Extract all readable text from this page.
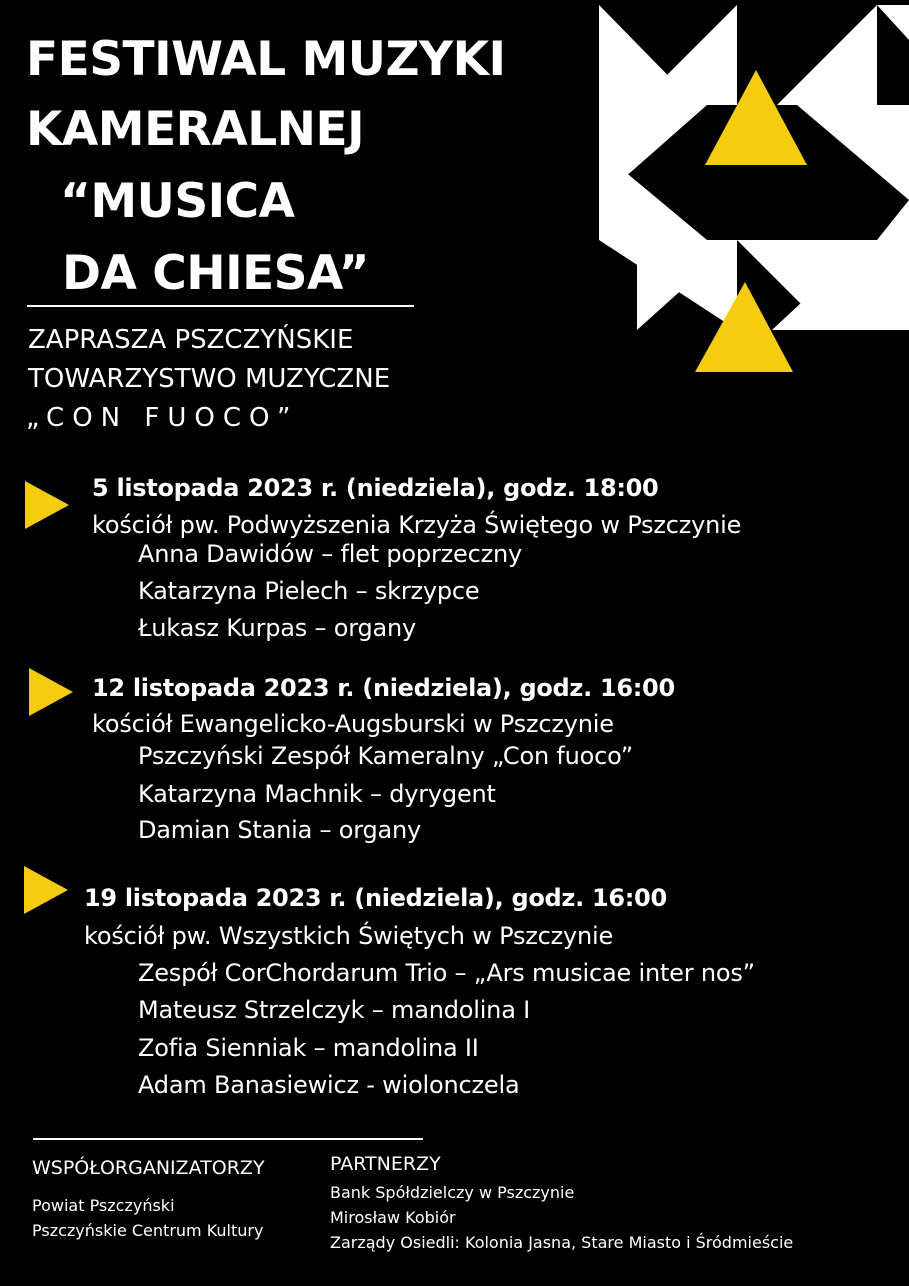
FESTIWAL MUZYKI
KAMERALNEJ
“MUSICA
DA CHIESA”
ZAPRASZA PSZCZYŃSKIE
TOWARZYSTWO MUZYCZNE
„CON FUOCO”
5 listopada 2023 r. (niedziela), godz. 18:00
kościół pw. Podwyższenia Krzyża Świętego w Pszczynie
Anna Dawidów – flet poprzeczny
Katarzyna Pielech – skrzypce
Łukasz Kurpas – organy
12 listopada 2023 r. (niedziela), godz. 16:00
kościół Ewangelicko-Augsburski w Pszczynie
Pszczyński Zespół Kameralny „Con fuoco”
Katarzyna Machnik – dyrygent
Damian Stania – organy
19 listopada 2023 r. (niedziela), godz. 16:00
kościół pw. Wszystkich Świętych w Pszczynie
Zespół CorChordarum Trio – „Ars musicae inter nos”
Mateusz Strzelczyk – mandolina I
Zofia Sienniak – mandolina II
Adam Banasiewicz - wiolonczela
WSPÓŁORGANIZATORZY
Powiat Pszczyński
Pszczyńskie Centrum Kultury
PARTNERZY
Bank Spółdzielczy w Pszczynie
Mirosław Kobiór
Zarządy Osiedli: Kolonia Jasna, Stare Miasto i Śródmieście
